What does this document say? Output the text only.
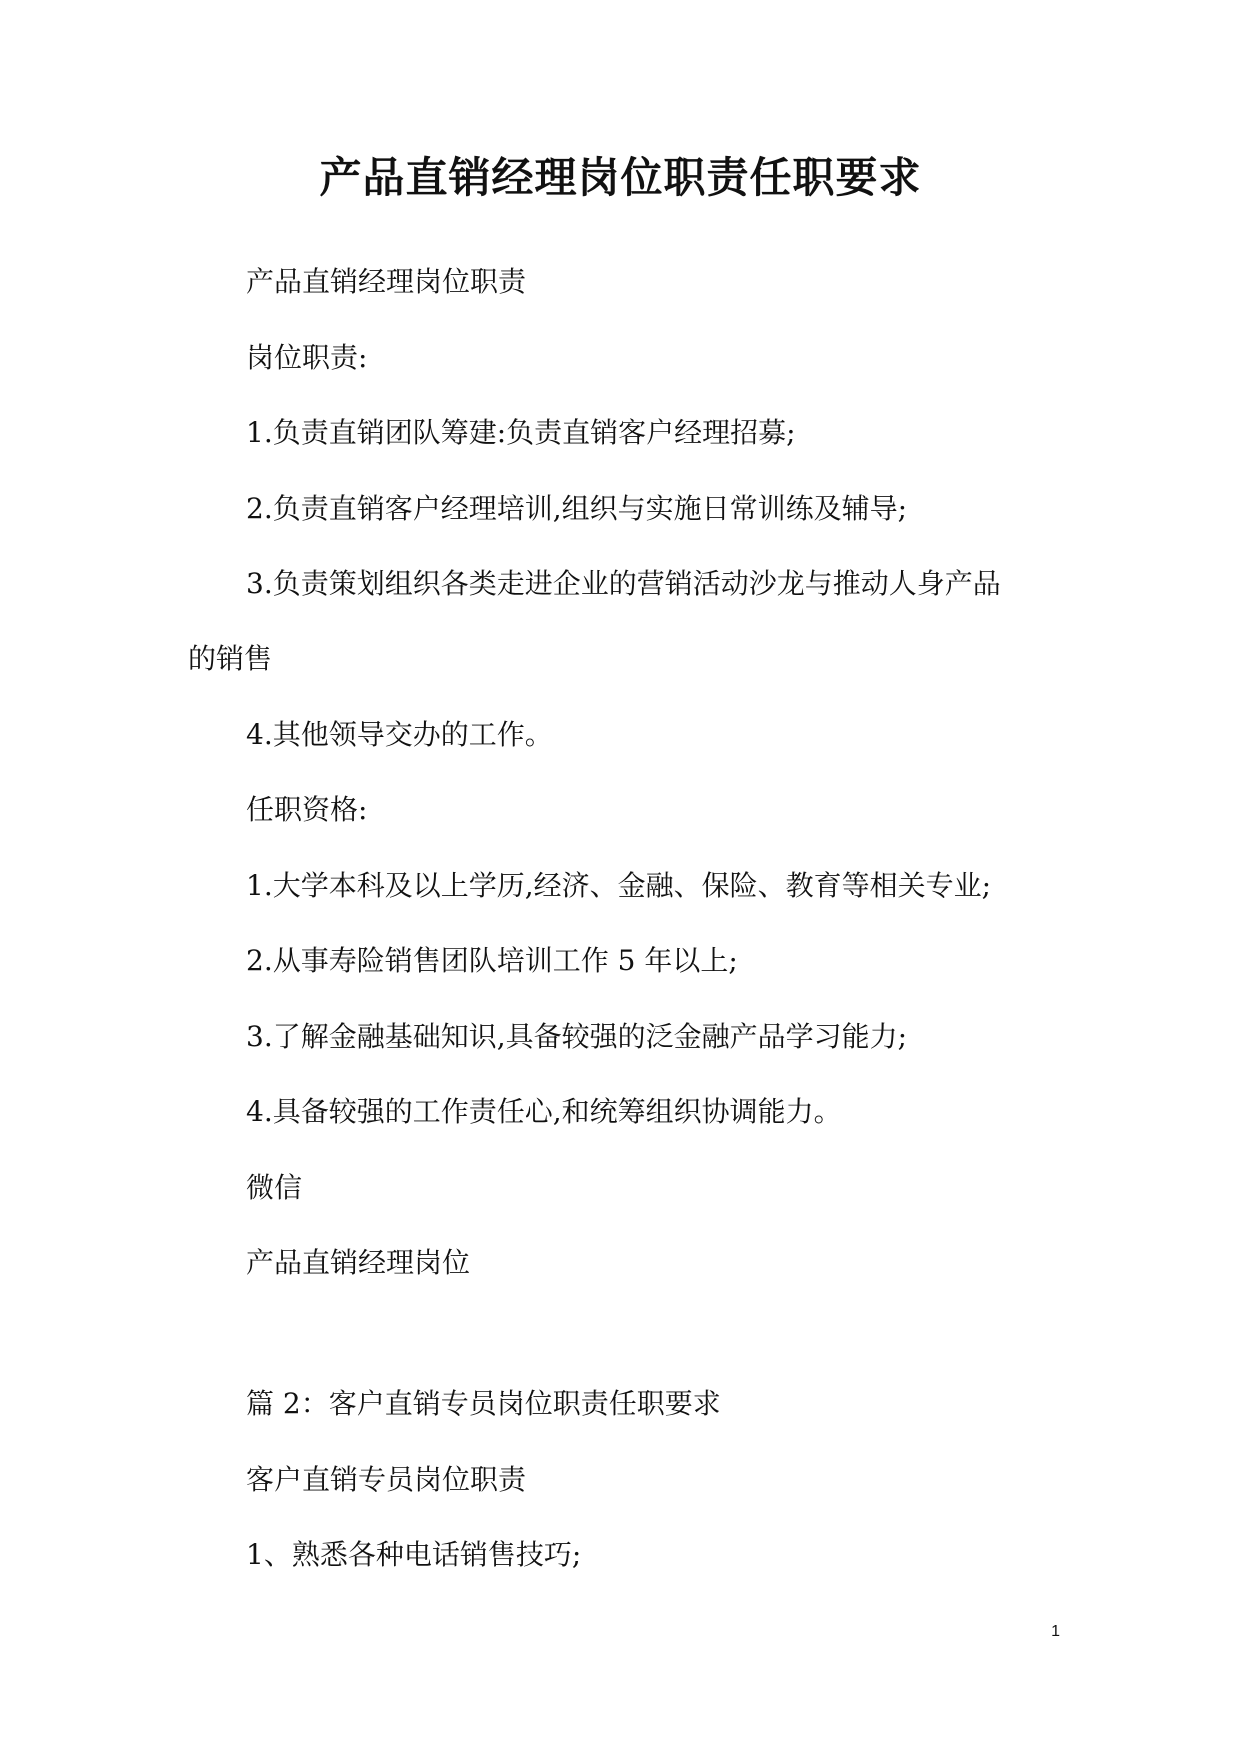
产品直销经理岗位职责任职要求

产品直销经理岗位职责

岗位职责:

1.负责直销团队筹建:负责直销客户经理招募;

2.负责直销客户经理培训,组织与实施日常训练及辅导;

3.负责策划组织各类走进企业的营销活动沙龙与推动人身产品

的销售

4.其他领导交办的工作。

任职资格:

1.大学本科及以上学历,经济、金融、保险、教育等相关专业;

2.从事寿险销售团队培训工作 5 年以上;

3.了解金融基础知识,具备较强的泛金融产品学习能力;

4.具备较强的工作责任心,和统筹组织协调能力。

微信

产品直销经理岗位

篇 2：客户直销专员岗位职责任职要求

客户直销专员岗位职责

1、熟悉各种电话销售技巧;

1
